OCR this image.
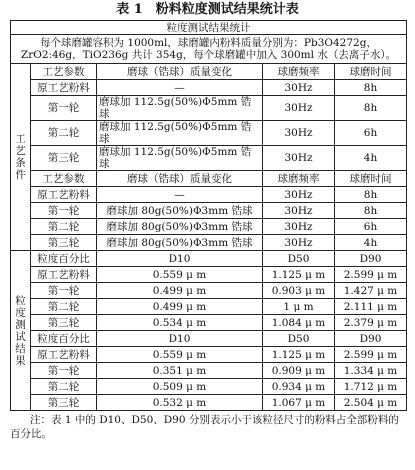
表 1　粉料粒度测试结果统计表
粒度测试结果统计				
每个球磨罐容积为 1000ml，球磨罐内粉料质量分别为：Pb3O4272g，ZrO2:46g，TiO236g 共计 354g，每个球磨罐中加入 300ml 水（去离子水）。				
工艺条件	工艺参数	磨球（锆球）质量变化	球磨频率	球磨时间
	原工艺粉料	—	30Hz	8h
	第一轮	磨球加 112.5g(50%)Φ5mm 锆球	30Hz	8h
	第二轮	磨球加 112.5g(50%)Φ5mm 锆球	30Hz	6h
	第三轮	磨球加 112.5g(50%)Φ5mm 锆球	30Hz	4h
	工艺参数	磨球（锆球）质量变化	球磨频率	球磨时间
	原工艺粉料	—	30Hz	8h
	第一轮	磨球加 80g(50%)Φ3mm 锆球	30Hz	8h
	第二轮	磨球加 80g(50%)Φ3mm 锆球	30Hz	6h
	第三轮	磨球加 80g(50%)Φ3mm 锆球	30Hz	4h
粒度测试结果	粒度百分比	D10	D50	D90
	原工艺粉料	0.559 μ m	1.125 μ m	2.599 μ m
	第一轮	0.499 μ m	0.903 μ m	1.427 μ m
	第二轮	0.499 μ m	1 μ m	2.111 μ m
	第三轮	0.534 μ m	1.084 μ m	2.379 μ m
	粒度百分比	D10	D50	D90
	原工艺粉料	0.559 μ m	1.125 μ m	2.599 μ m
	第一轮	0.351 μ m	0.909 μ m	1.334 μ m
	第二轮	0.509 μ m	0.934 μ m	1.712 μ m
	第三轮	0.532 μ m	1.067 μ m	2.504 μ m
注：表 1 中的 D10、D50、D90 分别表示小于该粒径尺寸的粉料占全部粉料的百分比。
